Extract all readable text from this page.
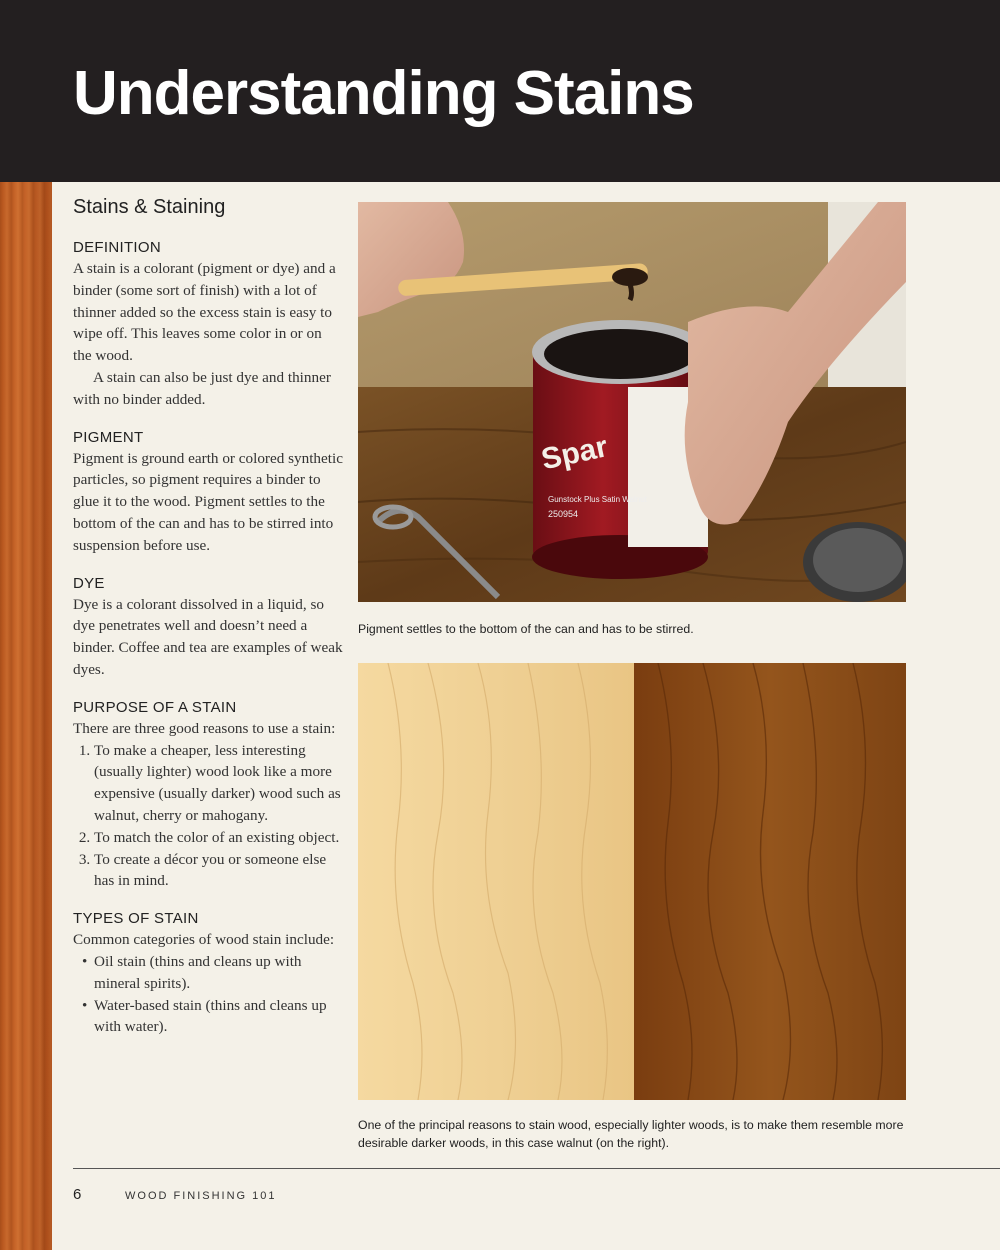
Understanding Stains
Stains & Staining
DEFINITION

A stain is a colorant (pigment or dye) and a binder (some sort of finish) with a lot of thinner added so the excess stain is easy to wipe off. This leaves some color in or on the wood.

A stain can also be just dye and thinner with no binder added.

PIGMENT

Pigment is ground earth or colored synthetic particles, so pigment requires a binder to glue it to the wood. Pigment settles to the bottom of the can and has to be stirred into suspension before use.

DYE

Dye is a colorant dissolved in a liquid, so dye penetrates well and doesn’t need a binder. Coffee and tea are examples of weak dyes.

PURPOSE OF A STAIN

There are three good reasons to use a stain:

1. To make a cheaper, less interesting (usually lighter) wood look like a more expensive (usually darker) wood such as walnut, cherry or mahogany.
2. To match the color of an existing object.
3. To create a décor you or someone else has in mind.
TYPES OF STAIN

Common categories of wood stain include:

• Oil stain (thins and cleans up with mineral spirits).
• Water-based stain (thins and cleans up with water).
Spar
Gunstock Plus Satin Walnut
250954
Pigment settles to the bottom of the can and has to be stirred.
One of the principal reasons to stain wood, especially lighter woods, is to make them resemble more desirable darker woods, in this case walnut (on the right).
6	WOOD FINISHING 101
